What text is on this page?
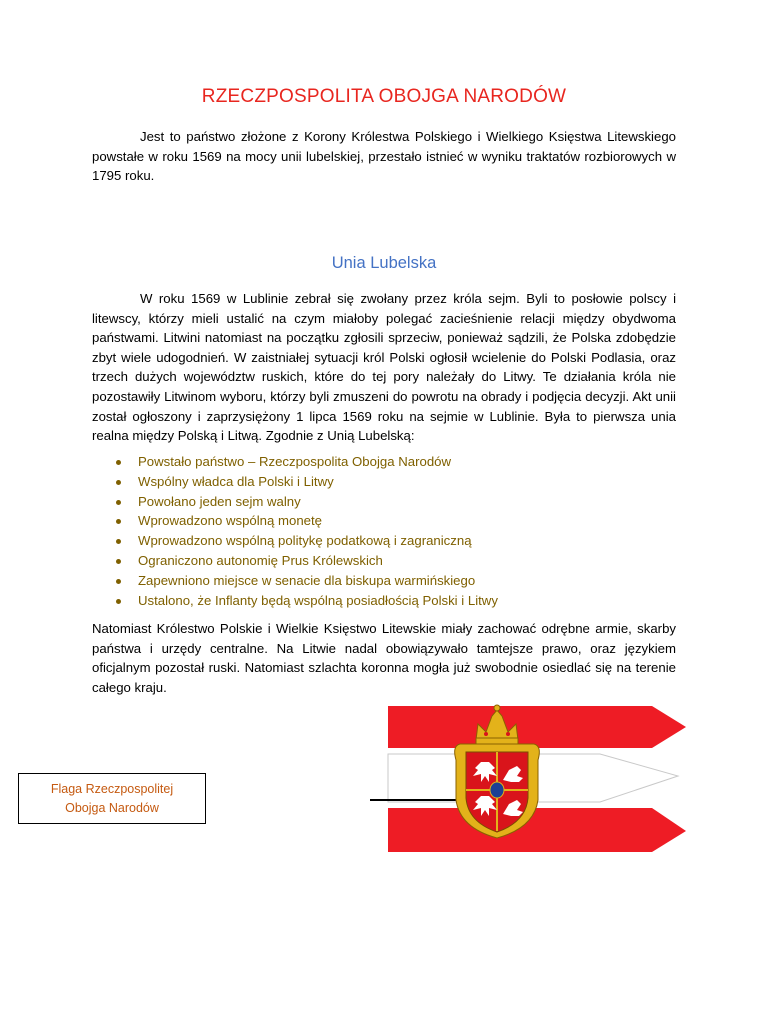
RZECZPOSPOLITA OBOJGA NARODÓW

Jest to państwo złożone z Korony Królestwa Polskiego i Wielkiego Księstwa Litewskiego powstałe w roku 1569 na mocy unii lubelskiej, przestało istnieć w wyniku traktatów rozbiorowych w 1795 roku.

Unia Lubelska

W roku 1569 w Lublinie zebrał się zwołany przez króla sejm. Byli to posłowie polscy i litewscy, którzy mieli ustalić na czym miałoby polegać zacieśnienie relacji między obydwoma państwami. Litwini natomiast na początku zgłosili sprzeciw, ponieważ sądzili, że Polska zdobędzie zbyt wiele udogodnień. W zaistniałej sytuacji król Polski ogłosił wcielenie do Polski Podlasia, oraz trzech dużych województw ruskich, które do tej pory należały do Litwy. Te działania króla nie pozostawiły Litwinom wyboru, którzy byli zmuszeni do powrotu na obrady i podjęcia decyzji. Akt unii został ogłoszony i zaprzysiężony 1 lipca 1569 roku na sejmie w Lublinie. Była to pierwsza unia realna między Polską i Litwą. Zgodnie z Unią Lubelską:

Powstało państwo – Rzeczpospolita Obojga Narodów
Wspólny władca dla Polski i Litwy
Powołano jeden sejm walny
Wprowadzono wspólną monetę
Wprowadzono wspólną politykę podatkową i zagraniczną
Ograniczono autonomię Prus Królewskich
Zapewniono miejsce w senacie dla biskupa warmińskiego
Ustalono, że Inflanty będą wspólną posiadłością Polski i Litwy

Natomiast Królestwo Polskie i Wielkie Księstwo Litewskie miały zachować odrębne armie, skarby państwa i urzędy centralne. Na Litwie nadal obowiązywało tamtejsze prawo, oraz językiem oficjalnym pozostał ruski. Natomiast szlachta koronna mogła już swobodnie osiedlać się na terenie całego kraju.

Flaga Rzeczpospolitej
Obojga Narodów
